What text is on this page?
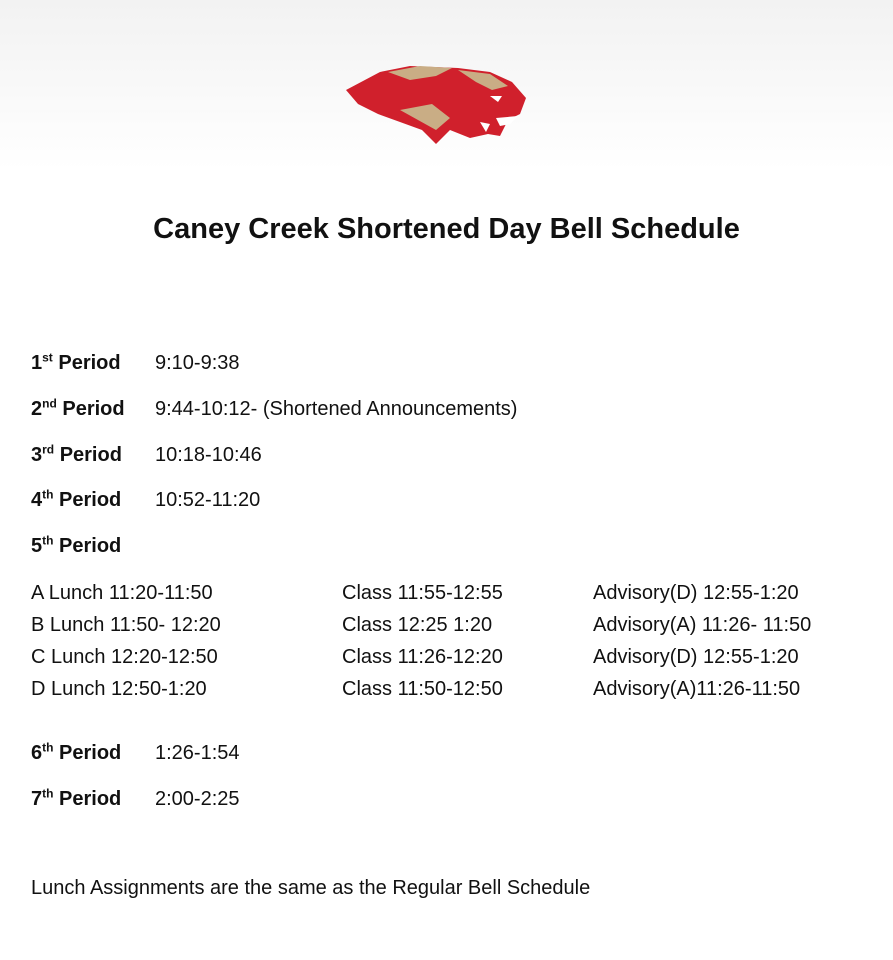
Caney Creek Shortened Day Bell Schedule
1st Period	9:10-9:38
2nd Period	9:44-10:12- (Shortened Announcements)
3rd Period	10:18-10:46
4th Period	10:52-11:20
5th Period
A Lunch 11:20-11:50	Class 11:55-12:55	Advisory(D) 12:55-1:20
B Lunch 11:50- 12:20	Class 12:25 1:20	Advisory(A) 11:26- 11:50
C Lunch 12:20-12:50	Class 11:26-12:20	Advisory(D) 12:55-1:20
D Lunch 12:50-1:20	Class 11:50-12:50	Advisory(A)11:26-11:50
6th Period	1:26-1:54
7th Period	2:00-2:25
Lunch Assignments are the same as the Regular Bell Schedule
